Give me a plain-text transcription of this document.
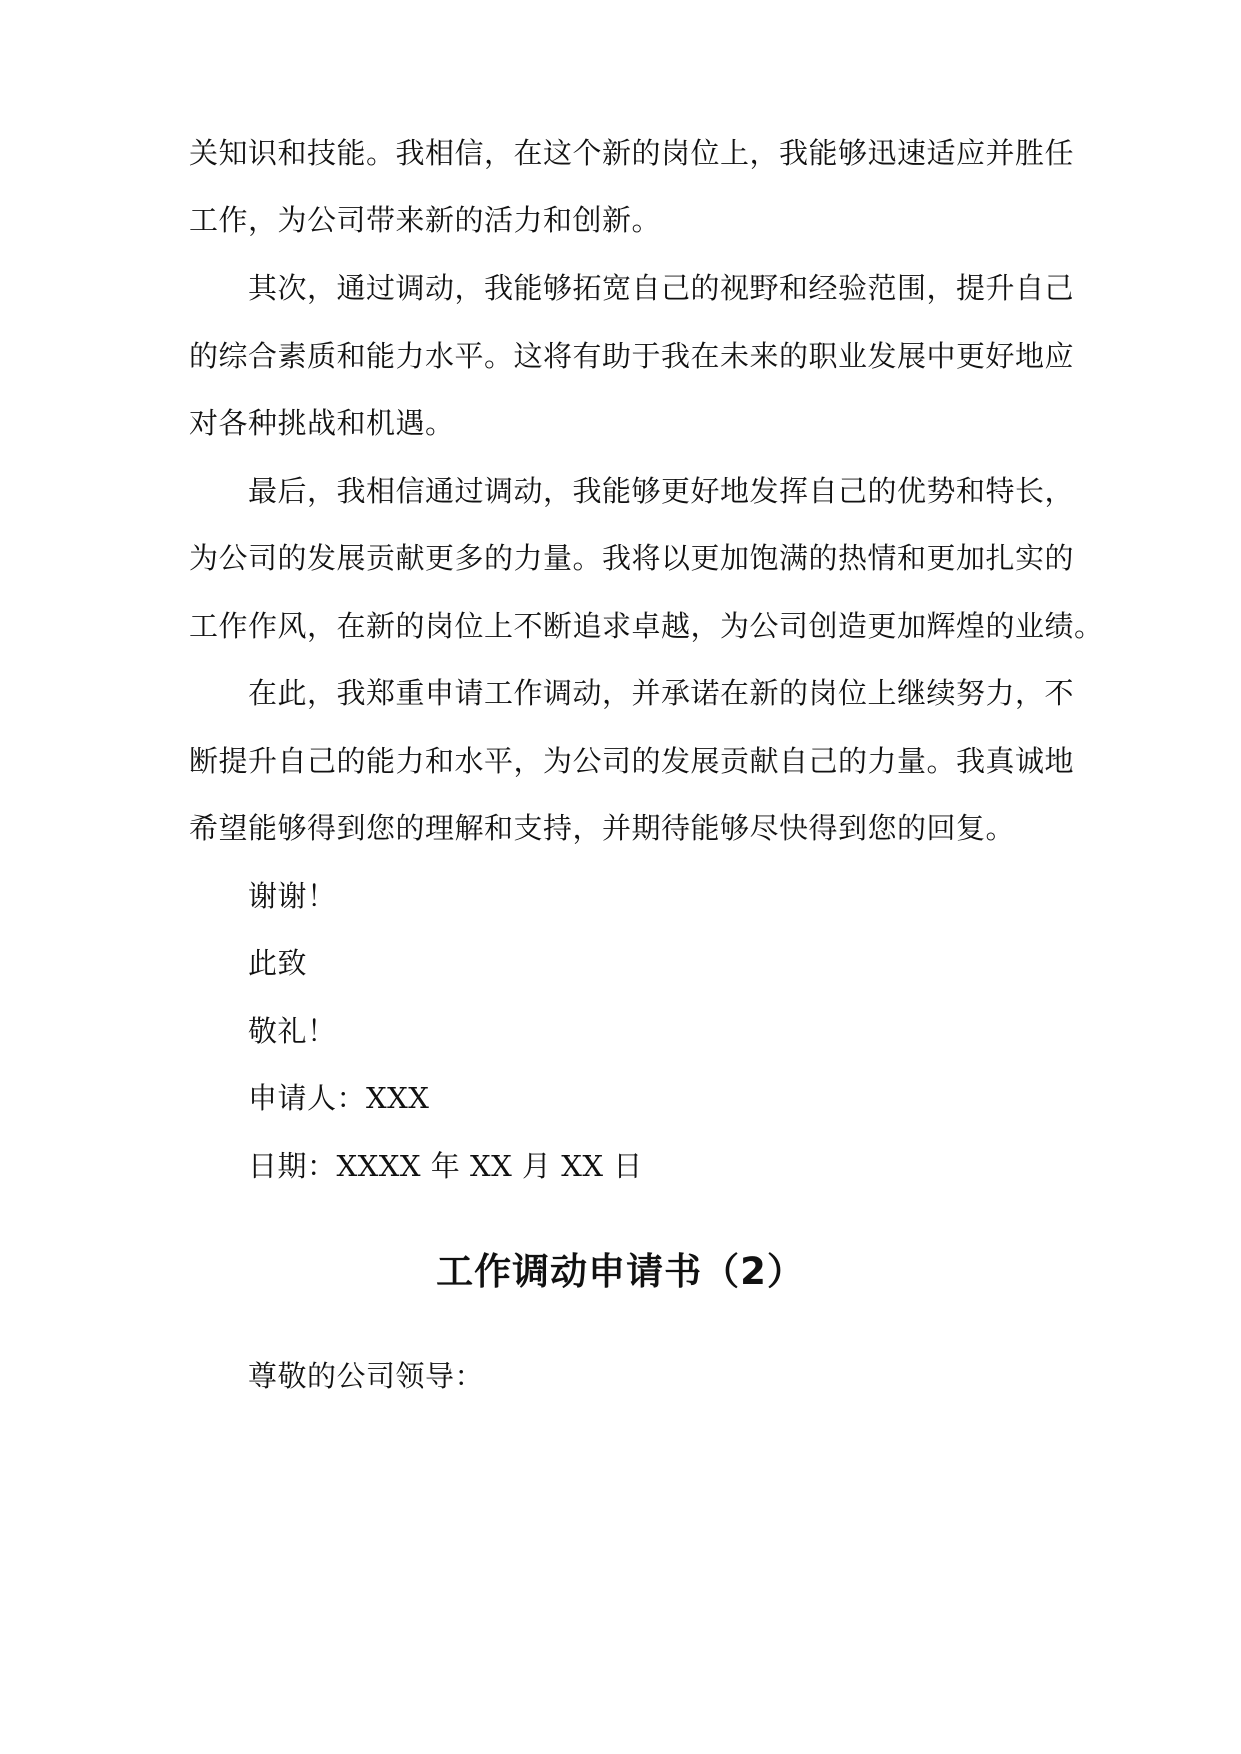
关知识和技能。我相信，在这个新的岗位上，我能够迅速适应并胜任
工作，为公司带来新的活力和创新。
其次，通过调动，我能够拓宽自己的视野和经验范围，提升自己
的综合素质和能力水平。这将有助于我在未来的职业发展中更好地应
对各种挑战和机遇。
最后，我相信通过调动，我能够更好地发挥自己的优势和特长，
为公司的发展贡献更多的力量。我将以更加饱满的热情和更加扎实的
工作作风，在新的岗位上不断追求卓越，为公司创造更加辉煌的业绩。
在此，我郑重申请工作调动，并承诺在新的岗位上继续努力，不
断提升自己的能力和水平，为公司的发展贡献自己的力量。我真诚地
希望能够得到您的理解和支持，并期待能够尽快得到您的回复。
谢谢！
此致
敬礼！
申请人：XXX
日期：XXXX 年 XX 月 XX 日
工作调动申请书（2）
尊敬的公司领导：
